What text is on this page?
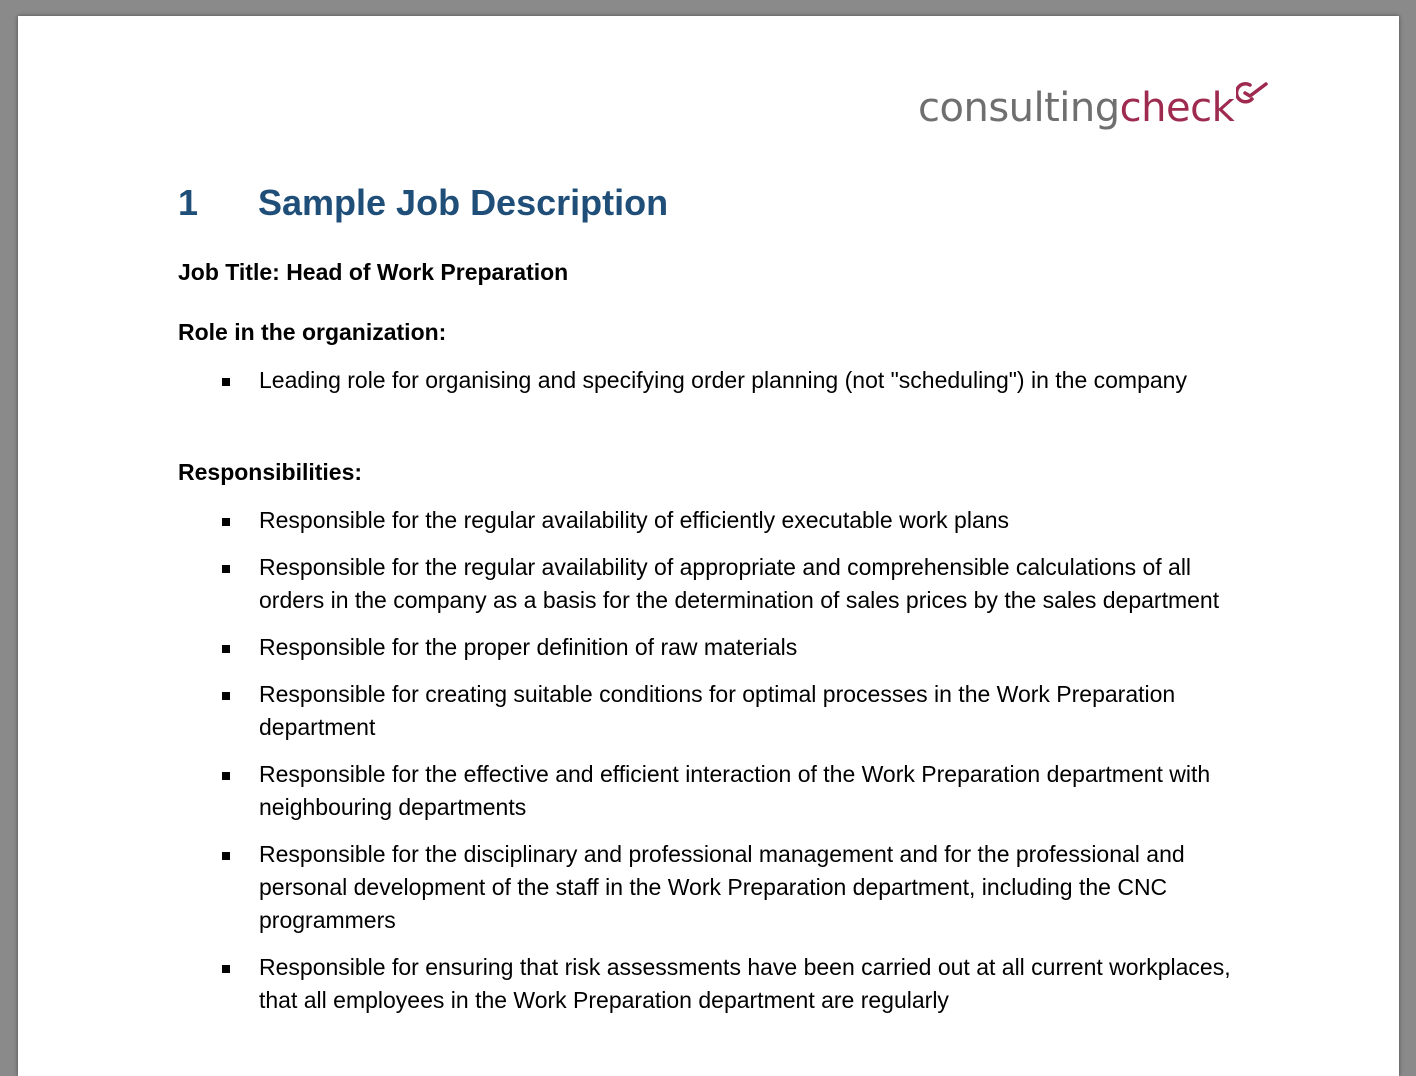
consultingcheck
1 Sample Job Description
Job Title: Head of Work Preparation
Role in the organization:
Leading role for organising and specifying order planning (not "scheduling") in the company
Responsibilities:
Responsible for the regular availability of efficiently executable work plans
Responsible for the regular availability of appropriate and comprehensible calculations of all orders in the company as a basis for the determination of sales prices by the sales department
Responsible for the proper definition of raw materials
Responsible for creating suitable conditions for optimal processes in the Work Preparation department
Responsible for the effective and efficient interaction of the Work Preparation department with neighbouring departments
Responsible for the disciplinary and professional management and for the professional and personal development of the staff in the Work Preparation department, including the CNC programmers
Responsible for ensuring that risk assessments have been carried out at all current workplaces, that all employees in the Work Preparation department are regularly
